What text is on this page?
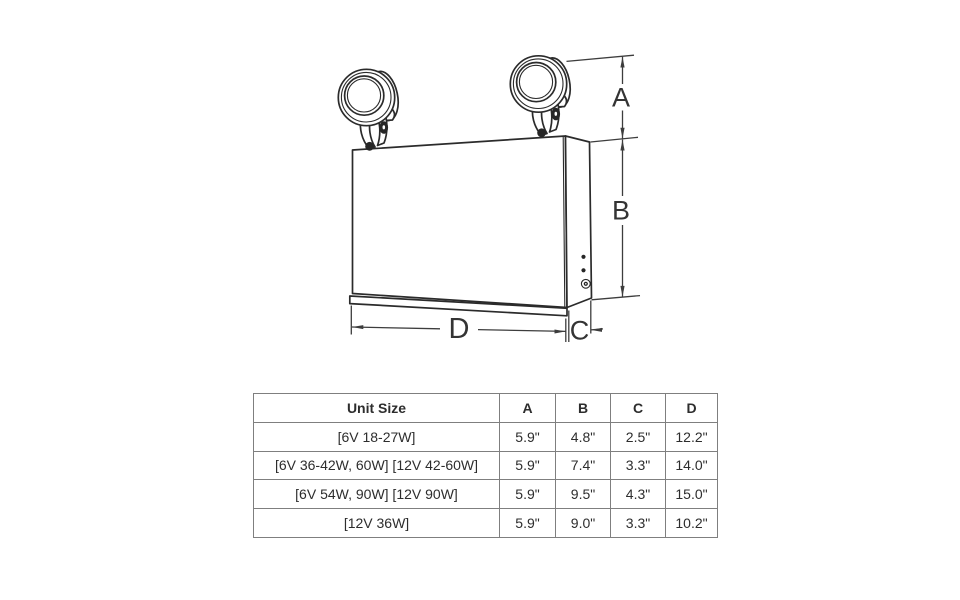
A
B
D	C
Unit Size	A	B	C	D
[6V 18-27W]	5.9"	4.8"	2.5"	12.2"
[6V 36-42W, 60W] [12V 42-60W]	5.9"	7.4"	3.3"	14.0"
[6V 54W, 90W] [12V 90W]	5.9"	9.5"	4.3"	15.0"
[12V 36W]	5.9"	9.0"	3.3"	10.2"
